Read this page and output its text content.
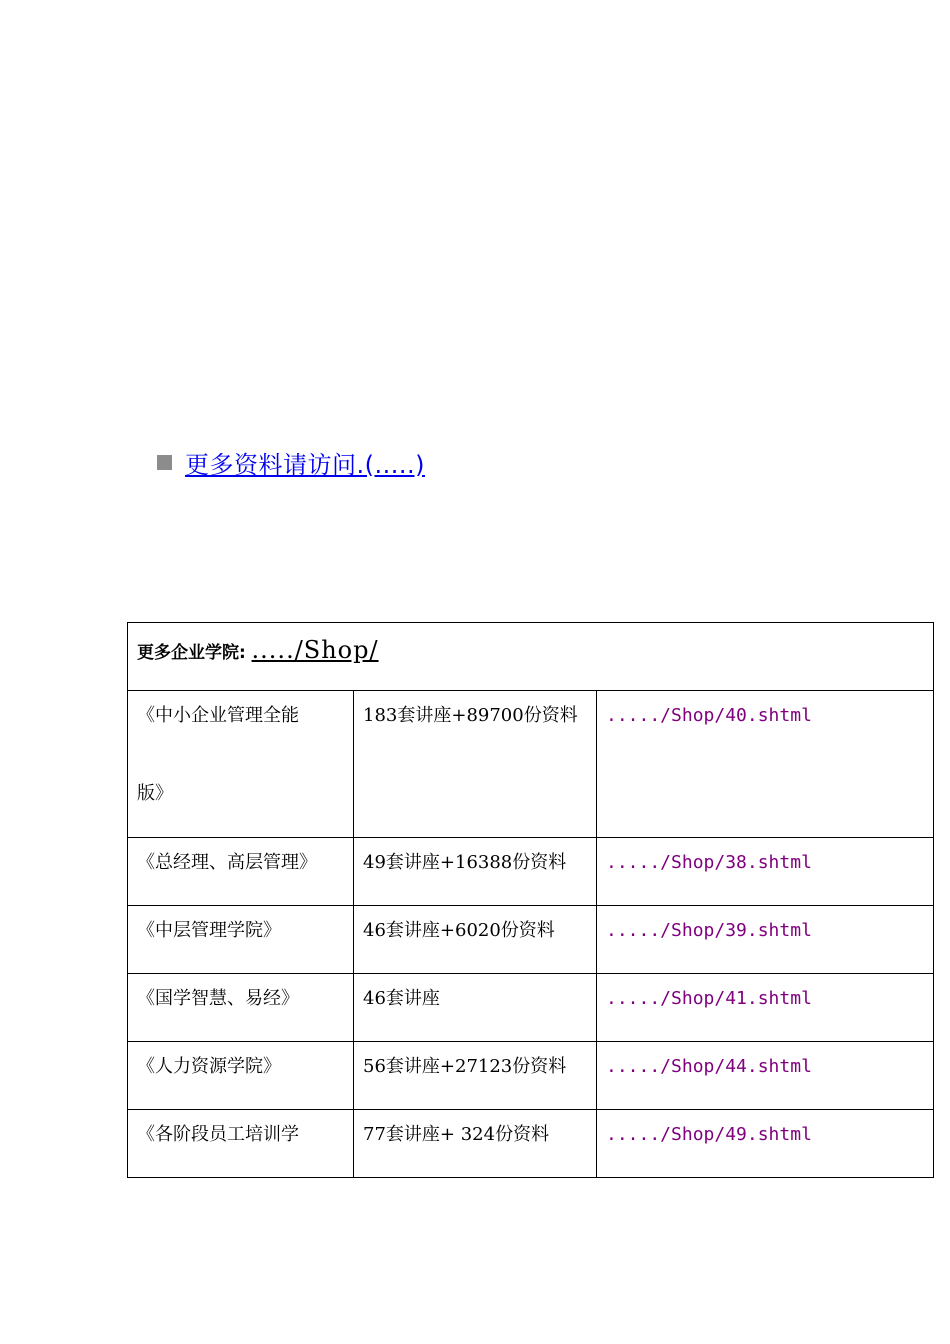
更多资料请访问.(.....)
更多企业学院: ...../Shop/		
《中小企业管理全能
版》	183套讲座+89700份资料	...../Shop/40.shtml
《总经理、高层管理》	49套讲座+16388份资料	...../Shop/38.shtml
《中层管理学院》	46套讲座+6020份资料	...../Shop/39.shtml
《国学智慧、易经》	46套讲座	...../Shop/41.shtml
《人力资源学院》	56套讲座+27123份资料	...../Shop/44.shtml
《各阶段员工培训学	77套讲座+ 324份资料	...../Shop/49.shtml
